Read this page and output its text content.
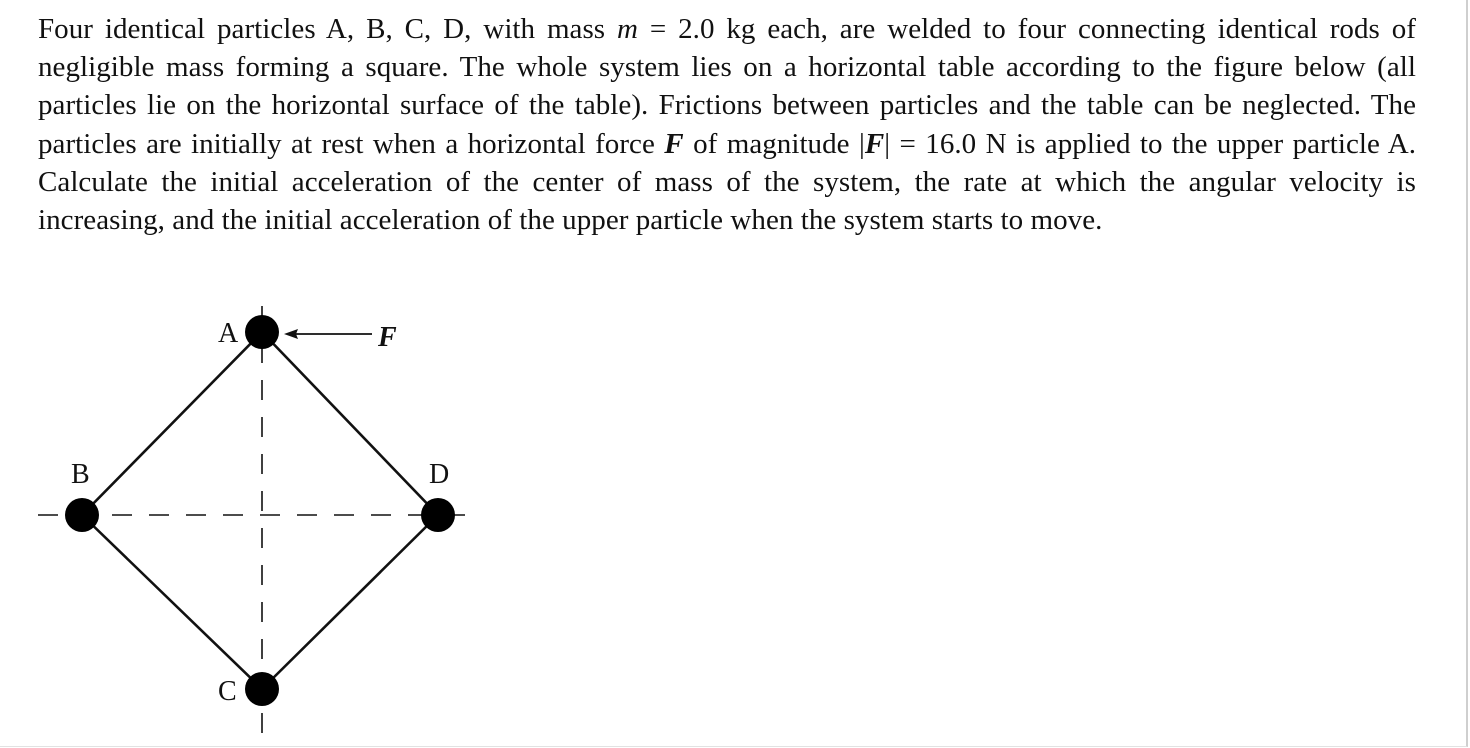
Four identical particles A, B, C, D, with mass m = 2.0 kg each, are welded to four connecting identical rods of negligible mass forming a square. The whole system lies on a horizontal table according to the figure below (all particles lie on the horizontal surface of the table). Frictions between particles and the table can be neglected. The particles are initially at rest when a horizontal force F of magnitude |F| = 16.0 N is applied to the upper particle A. Calculate the initial acceleration of the center of mass of the system, the rate at which the angular velocity is increasing, and the initial acceleration of the upper particle when the system starts to move.
A
B
C
D
F
